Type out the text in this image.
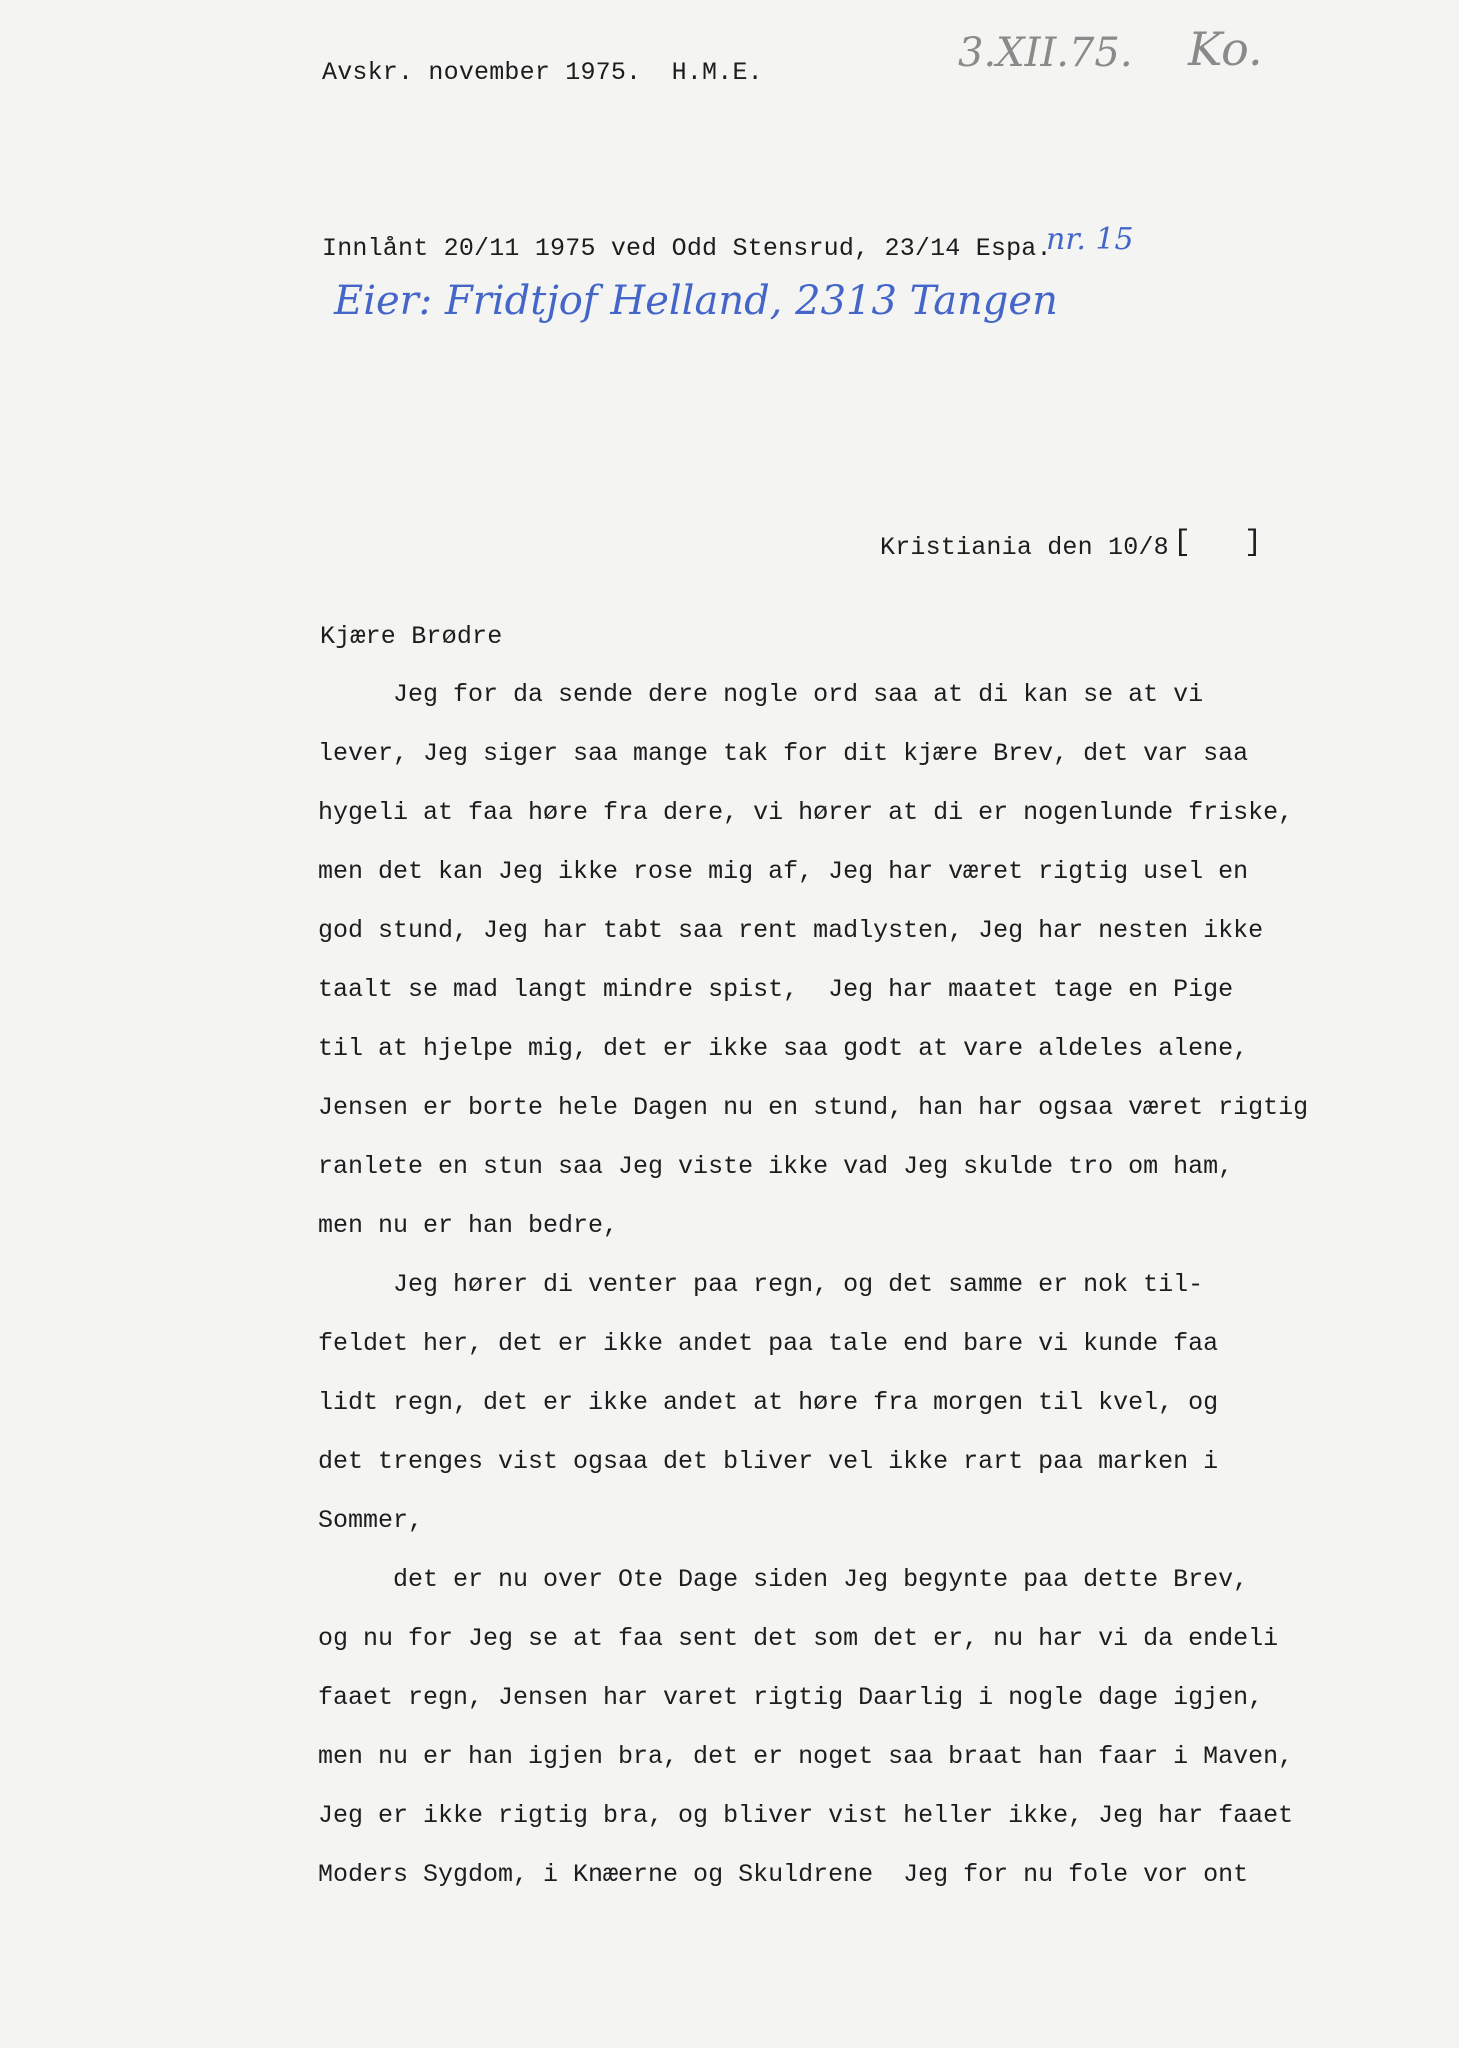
Avskr. november 1975.  H.M.E.	3.XII.75. Ko.
Innlånt 20/11 1975 ved Odd Stensrud, 23/14 Espa.
nr. 15
Eier: Fridtjof Helland, 2313 Tangen
Kristiania den 10/8 [ ]
Kjære Brødre
Jeg for da sende dere nogle ord saa at di kan se at vi
lever, Jeg siger saa mange tak for dit kjære Brev, det var saa
hygeli at faa høre fra dere, vi hører at di er nogenlunde friske,
men det kan Jeg ikke rose mig af, Jeg har været rigtig usel en
god stund, Jeg har tabt saa rent madlysten, Jeg har nesten ikke
taalt se mad langt mindre spist,  Jeg har maatet tage en Pige
til at hjelpe mig, det er ikke saa godt at vare aldeles alene,
Jensen er borte hele Dagen nu en stund, han har ogsaa været rigtig
ranlete en stun saa Jeg viste ikke vad Jeg skulde tro om ham,
men nu er han bedre,
Jeg hører di venter paa regn, og det samme er nok til-
feldet her, det er ikke andet paa tale end bare vi kunde faa
lidt regn, det er ikke andet at høre fra morgen til kvel, og
det trenges vist ogsaa det bliver vel ikke rart paa marken i
Sommer,
det er nu over Ote Dage siden Jeg begynte paa dette Brev,
og nu for Jeg se at faa sent det som det er, nu har vi da endeli
faaet regn, Jensen har varet rigtig Daarlig i nogle dage igjen,
men nu er han igjen bra, det er noget saa braat han faar i Maven,
Jeg er ikke rigtig bra, og bliver vist heller ikke, Jeg har faaet
Moders Sygdom, i Knæerne og Skuldrene  Jeg for nu fole vor ont
